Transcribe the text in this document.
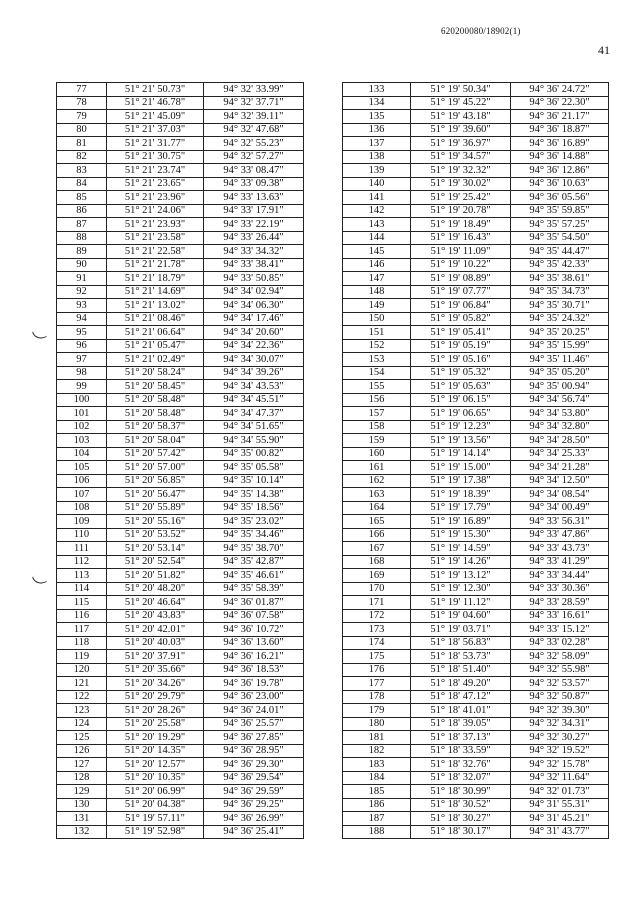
620200080/18902(1)
41
77	51° 21' 50.73"	94° 32' 33.99"
78	51° 21' 46.78"	94° 32' 37.71"
79	51° 21' 45.09"	94° 32' 39.11"
80	51° 21' 37.03"	94° 32' 47.68"
81	51° 21' 31.77"	94° 32' 55.23"
82	51° 21' 30.75"	94° 32' 57.27"
83	51° 21' 23.74"	94° 33' 08.47"
84	51° 21' 23.65"	94° 33' 09.38"
85	51° 21' 23.96"	94° 33' 13.63"
86	51° 21' 24.06"	94° 33' 17.91"
87	51° 21' 23.93"	94° 33' 22.19"
88	51° 21' 23.58"	94° 33' 26.44"
89	51° 21' 22.58"	94° 33' 34.32"
90	51° 21' 21.78"	94° 33' 38.41"
91	51° 21' 18.79"	94° 33' 50.85"
92	51° 21' 14.69"	94° 34' 02.94"
93	51° 21' 13.02"	94° 34' 06.30"
94	51° 21' 08.46"	94° 34' 17.46"
95	51° 21' 06.64"	94° 34' 20.60"
96	51° 21' 05.47"	94° 34' 22.36"
97	51° 21' 02.49"	94° 34' 30.07"
98	51° 20' 58.24"	94° 34' 39.26"
99	51° 20' 58.45"	94° 34' 43.53"
100	51° 20' 58.48"	94° 34' 45.51"
101	51° 20' 58.48"	94° 34' 47.37"
102	51° 20' 58.37"	94° 34' 51.65"
103	51° 20' 58.04"	94° 34' 55.90"
104	51° 20' 57.42"	94° 35' 00.82"
105	51° 20' 57.00"	94° 35' 05.58"
106	51° 20' 56.85"	94° 35' 10.14"
107	51° 20' 56.47"	94° 35' 14.38"
108	51° 20' 55.89"	94° 35' 18.56"
109	51° 20' 55.16"	94° 35' 23.02"
110	51° 20' 53.52"	94° 35' 34.46"
111	51° 20' 53.14"	94° 35' 38.70"
112	51° 20' 52.54"	94° 35' 42.87"
113	51° 20' 51.82"	94° 35' 46.61"
114	51° 20' 48.20"	94° 35' 58.39"
115	51° 20' 46.64"	94° 36' 01.87"
116	51° 20' 43.83"	94° 36' 07.58"
117	51° 20' 42.01"	94° 36' 10.72"
118	51° 20' 40.03"	94° 36' 13.60"
119	51° 20' 37.91"	94° 36' 16.21"
120	51° 20' 35.66"	94° 36' 18.53"
121	51° 20' 34.26"	94° 36' 19.78"
122	51° 20' 29.79"	94° 36' 23.00"
123	51° 20' 28.26"	94° 36' 24.01"
124	51° 20' 25.58"	94° 36' 25.57"
125	51° 20' 19.29"	94° 36' 27.85"
126	51° 20' 14.35"	94° 36' 28.95"
127	51° 20' 12.57"	94° 36' 29.30"
128	51° 20' 10.35"	94° 36' 29.54"
129	51° 20' 06.99"	94° 36' 29.59"
130	51° 20' 04.38"	94° 36' 29.25"
131	51° 19' 57.11"	94° 36' 26.99"
132	51° 19' 52.98"	94° 36' 25.41"
133	51° 19' 50.34"	94° 36' 24.72"
134	51° 19' 45.22"	94° 36' 22.30"
135	51° 19' 43.18"	94° 36' 21.17"
136	51° 19' 39.60"	94° 36' 18.87"
137	51° 19' 36.97"	94° 36' 16.89"
138	51° 19' 34.57"	94° 36' 14.88"
139	51° 19' 32.32"	94° 36' 12.86"
140	51° 19' 30.02"	94° 36' 10.63"
141	51° 19' 25.42"	94° 36' 05.56"
142	51° 19' 20.78"	94° 35' 59.85"
143	51° 19' 18.49"	94° 35' 57.25"
144	51° 19' 16.43"	94° 35' 54.50"
145	51° 19' 11.09"	94° 35' 44.47"
146	51° 19' 10.22"	94° 35' 42.33"
147	51° 19' 08.89"	94° 35' 38.61"
148	51° 19' 07.77"	94° 35' 34.73"
149	51° 19' 06.84"	94° 35' 30.71"
150	51° 19' 05.82"	94° 35' 24.32"
151	51° 19' 05.41"	94° 35' 20.25"
152	51° 19' 05.19"	94° 35' 15.99"
153	51° 19' 05.16"	94° 35' 11.46"
154	51° 19' 05.32"	94° 35' 05.20"
155	51° 19' 05.63"	94° 35' 00.94"
156	51° 19' 06.15"	94° 34' 56.74"
157	51° 19' 06.65"	94° 34' 53.80"
158	51° 19' 12.23"	94° 34' 32.80"
159	51° 19' 13.56"	94° 34' 28.50"
160	51° 19' 14.14"	94° 34' 25.33"
161	51° 19' 15.00"	94° 34' 21.28"
162	51° 19' 17.38"	94° 34' 12.50"
163	51° 19' 18.39"	94° 34' 08.54"
164	51° 19' 17.79"	94° 34' 00.49"
165	51° 19' 16.89"	94° 33' 56.31"
166	51° 19' 15.30"	94° 33' 47.86"
167	51° 19' 14.59"	94° 33' 43.73"
168	51° 19' 14.26"	94° 33' 41.29"
169	51° 19' 13.12"	94° 33' 34.44"
170	51° 19' 12.30"	94° 33' 30.36"
171	51° 19' 11.12"	94° 33' 28.59"
172	51° 19' 04.60"	94° 33' 16.61"
173	51° 19' 03.71"	94° 33' 15.12"
174	51° 18' 56.83"	94° 33' 02.28"
175	51° 18' 53.73"	94° 32' 58.09"
176	51° 18' 51.40"	94° 32' 55.98"
177	51° 18' 49.20"	94° 32' 53.57"
178	51° 18' 47.12"	94° 32' 50.87"
179	51° 18' 41.01"	94° 32' 39.30"
180	51° 18' 39.05"	94° 32' 34.31"
181	51° 18' 37.13"	94° 32' 30.27"
182	51° 18' 33.59"	94° 32' 19.52"
183	51° 18' 32.76"	94° 32' 15.78"
184	51° 18' 32.07"	94° 32' 11.64"
185	51° 18' 30.99"	94° 32' 01.73"
186	51° 18' 30.52"	94° 31' 55.31"
187	51° 18' 30.27"	94° 31' 45.21"
188	51° 18' 30.17"	94° 31' 43.77"
